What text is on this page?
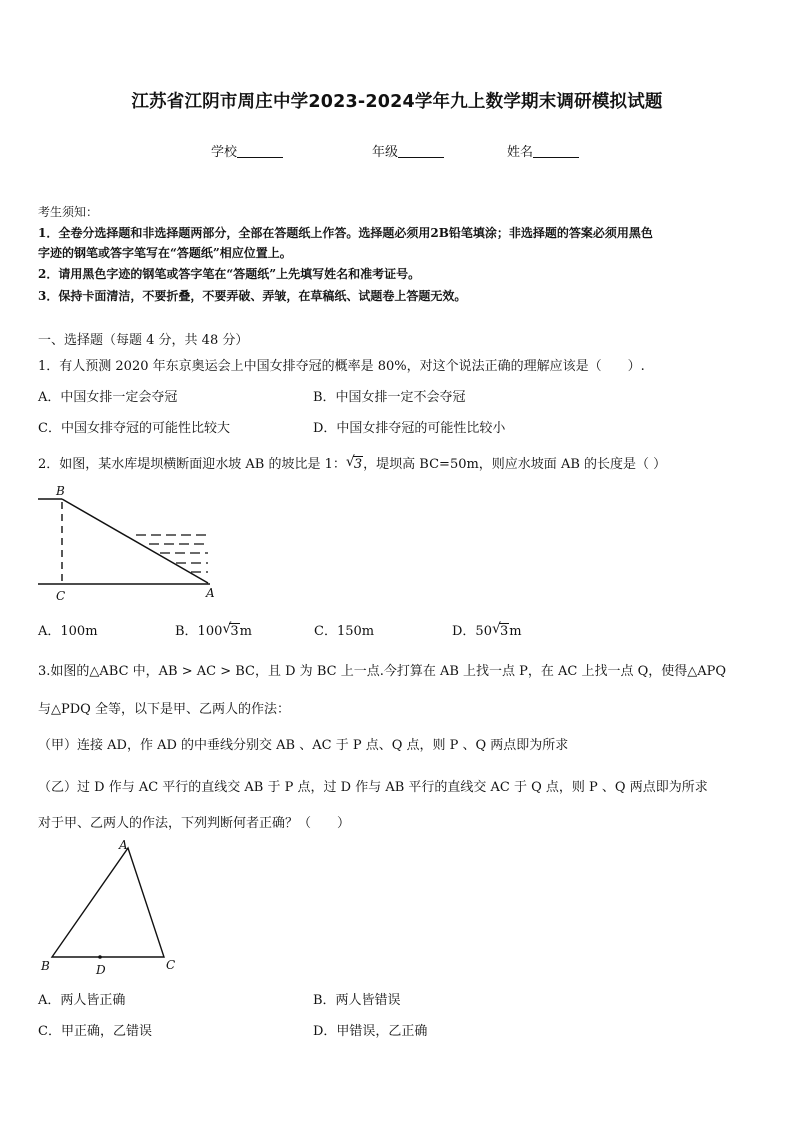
江苏省江阴市周庄中学2023-2024学年九上数学期末调研模拟试题
学校	年级	姓名
考生须知：
1．全卷分选择题和非选择题两部分，全部在答题纸上作答。选择题必须用2B铅笔填涂；非选择题的答案必须用黑色
字迹的钢笔或答字笔写在“答题纸”相应位置上。
2．请用黑色字迹的钢笔或答字笔在“答题纸”上先填写姓名和准考证号。
3．保持卡面清洁，不要折叠，不要弄破、弄皱，在草稿纸、试题卷上答题无效。
一、选择题（每题 4 分，共 48 分）
1．有人预测 2020 年东京奥运会上中国女排夺冠的概率是 80%，对这个说法正确的理解应该是（　　）.
A．中国女排一定会夺冠	B．中国女排一定不会夺冠
C．中国女排夺冠的可能性比较大	D．中国女排夺冠的可能性比较小
2．如图，某水库堤坝横断面迎水坡 AB 的坡比是 1： √ 3，堤坝高 BC=50m，则应水坡面 AB 的长度是（ ）
B
C	A
A．100m	B．100 √ 3m	C．150m	D．50 √ 3m
3.如图的△ABC 中，AB > AC > BC，且 D 为 BC 上一点.今打算在 AB 上找一点 P，在 AC 上找一点 Q，使得△APQ
与△PDQ 全等，以下是甲、乙两人的作法：
（甲）连接 AD，作 AD 的中垂线分别交 AB 、AC 于 P 点、Q 点，则 P 、Q 两点即为所求
（乙）过 D 作与 AC 平行的直线交 AB 于 P 点，过 D 作与 AB 平行的直线交 AC 于 Q 点，则 P 、Q 两点即为所求
对于甲、乙两人的作法，下列判断何者正确？（　　）
A
B	D	C
A．两人皆正确	B．两人皆错误
C．甲正确，乙错误	D．甲错误，乙正确
